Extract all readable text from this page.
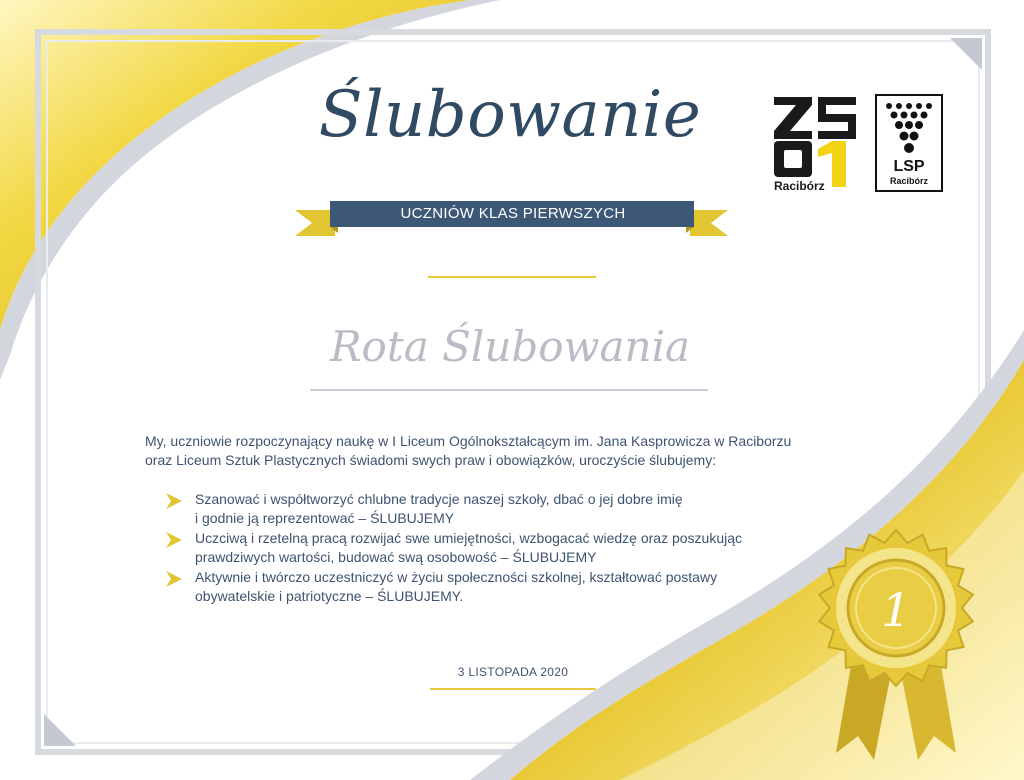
Ślubowanie
UCZNIÓW KLAS PIERWSZYCH
Rota Ślubowania

My, uczniowie rozpoczynający naukę w I Liceum Ogólnokształcącym im. Jana Kasprowicza w Raciborzu

oraz Liceum Sztuk Plastycznych świadomi swych praw i obowiązków, uroczyście ślubujemy:

Szanować i współtworzyć chlubne tradycje naszej szkoły, dbać o jej dobre imię
i godnie ją reprezentować – ŚLUBUJEMY
Uczciwą i rzetelną pracą rozwijać swe umiejętności, wzbogacać wiedzę oraz poszukując
prawdziwych wartości, budować swą osobowość – ŚLUBUJEMY
Aktywnie i twórczo uczestniczyć w życiu społeczności szkolnej, kształtować postawy
obywatelskie i patriotyczne – ŚLUBUJEMY.
3 LISTOPADA 2020
Racibórz
LSP
Racibórz
1
